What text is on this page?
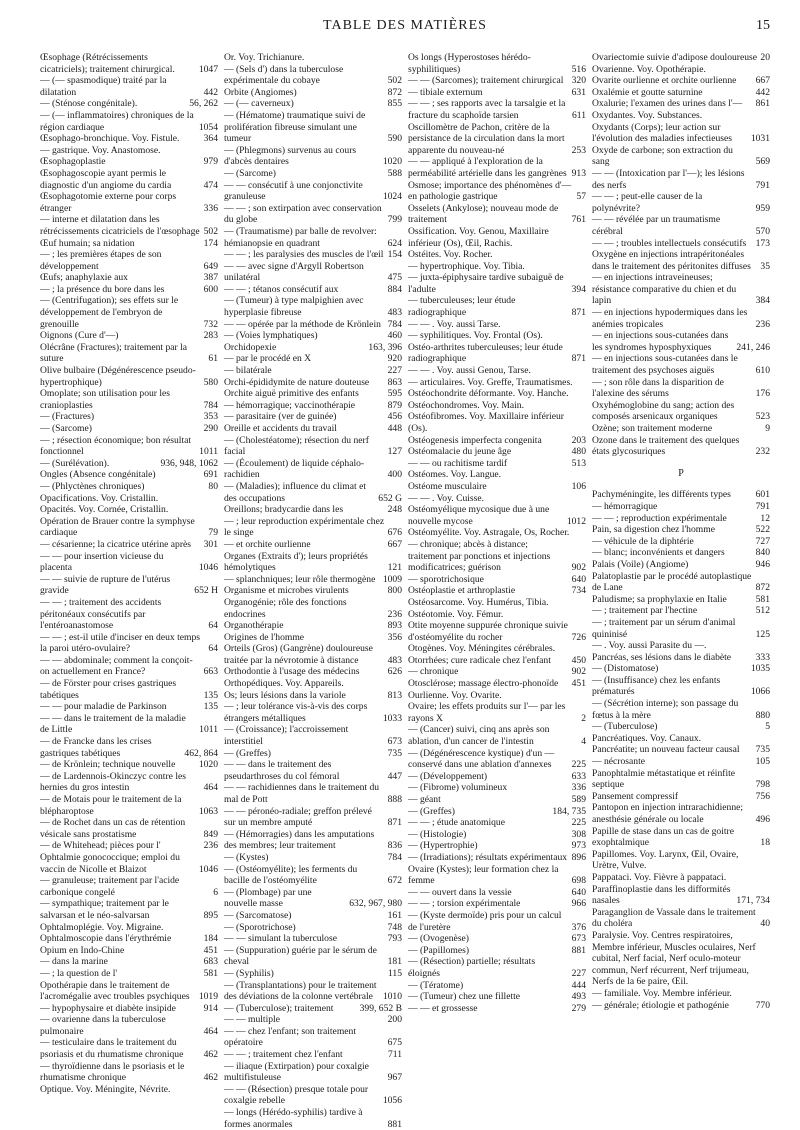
TABLE DES MATIÈRES	15
Œsophage (Rétrécissements cicatriciels); traitement chirurgical.	1047
— (— spasmodique) traité par la dilatation	442
— (Sténose congénitale).	56, 262
— (— inflammatoires) chroniques de la région cardiaque	1054
Œsophago-bronchique. Voy. Fistule.	364
— gastrique. Voy. Anastomose.
Œsophagoplastie	979
Œsophagoscopie ayant permis le diagnostic d'un angiome du cardia	474
Œsophagotomie externe pour corps étranger	336
— interne et dilatation dans les rétrécissements cicatriciels de l'œsophage 502
Œuf humain; sa nidation	174
— ; les premières étapes de son développement	649
Œufs; anaphylaxie aux	387
— ; la présence du bore dans les	600
— (Centrifugation); ses effets sur le développement de l'embryon de grenouille	732
Oignons (Cure d'—)	283
Olécrâne (Fractures); traitement par la suture	61
Olive bulbaire (Dégénérescence pseudo-hypertrophique)	580
Omoplate; son utilisation pour les cranioplasties	784
— (Fractures)	353
— (Sarcome)	290
— ; résection économique; bon résultat fonctionnel	1011
— (Surélévation).	936, 948, 1062
Ongles (Absence congénitale)	691
— (Phlyctènes chroniques)	80
Opacifications. Voy. Cristallin.
Opacités. Voy. Cornée, Cristallin.
Opération de Brauer contre la symphyse cardiaque	79
— césarienne; la cicatrice utérine après	301
— — pour insertion vicieuse du placenta	1046
— — suivie de rupture de l'utérus gravide	652 H
— — ; traitement des accidents péritonéaux consécutifs par l'entéroanastomose	64
— — ; est-il utile d'inciser en deux temps la paroi utéro-ovulaire?	64
— — abdominale; comment la conçoit-on actuellement en France?	663
— de Förster pour crises gastriques tabétiques	135
— — pour maladie de Parkinson	135
— — dans le traitement de la maladie de Little	1011
— de Francke dans les crises gastriques tabétiques	462, 864
— de Krönlein; technique nouvelle	1020
— de Lardennois-Okinczyc contre les hernies du gros intestin	464
— de Motais pour le traitement de la blépharoptose	1063
— de Rochet dans un cas de rétention vésicale sans prostatisme	849
— de Whitehead; pièces pour l'	236
Ophtalmie gonococcique; emploi du vaccin de Nicolle et Blaizot	1046
— granuleuse; traitement par l'acide carbonique congelé	6
— sympathique; traitement par le salvarsan et le néo-salvarsan	895
Ophtalmoplégie. Voy. Migraine.
Ophtalmoscopie dans l'érythrémie	184
Opium en Indo-Chine	451
— dans la marine	683
— ; la question de l'	581
Opothérapie dans le traitement de l'acromégalie avec troubles psychiques 1019
— hypophysaire et diabète insipide	914
— ovarienne dans la tuberculose pulmonaire	464
— testiculaire dans le traitement du psoriasis et du rhumatisme chronique	462
— thyroïdienne dans le psoriasis et le rhumatisme chronique	462
Optique. Voy. Méningite, Névrite.
Or. Voy. Trichianure.
— (Sels d') dans la tuberculose expérimentale du cobaye	502
Orbite (Angiomes)	872
— (— caverneux)	855
— (Hématome) traumatique suivi de prolifération fibreuse simulant une tumeur	590
— (Phlegmons) survenus au cours d'abcès dentaires	1020
— (Sarcome)	588
— — consécutif à une conjonctivite granuleuse	1024
— — ; son extirpation avec conservation du globe	799
— (Traumatisme) par balle de revolver: hémianopsie en quadrant	624
— — ; les paralysies des muscles de l'œil 154
— — avec signe d'Argyll Robertson unilatéral	475
— — ; tétanos consécutif aux	884
— (Tumeur) à type malpighien avec hyperplasie fibreuse	483
— — opérée par la méthode de Krönlein 784
— (Voies lymphatiques)	460
Orchidopexie	163, 396
— par le procédé en X	920
— bilatérale	227
Orchi-épididymite de nature douteuse	863
Orchite aiguë primitive des enfants	595
— hémorragique; vaccinothérapie	879
— parasitaire (ver de guinée)	456
Oreille et accidents du travail	448
— (Cholestéatome); résection du nerf facial	127
— (Écoulement) de liquide céphalo-rachidien	400
— (Maladies); influence du climat et des occupations	652 G
Oreillons; bradycardie dans les	248
— ; leur reproduction expérimentale chez le singe	676
— et orchite ourlienne	667
Organes (Extraits d'); leurs propriétés hémolytiques	121
— splanchniques; leur rôle thermogène 1009
Organisme et microbes virulents	800
Organogénie; rôle des fonctions endocrines	236
Organothérapie	893
Origines de l'homme	356
Orteils (Gros) (Gangrène) douloureuse traitée par la névrotomie à distance	483
Orthodontie à l'usage des médecins	626
Orthopédiques. Voy. Appareils.
Os; leurs lésions dans la variole	813
— ; leur tolérance vis-à-vis des corps étrangers métalliques	1033
— (Croissance); l'accroissement interstitiel	673
— (Greffes)	735
— — dans le traitement des pseudarthroses du col fémoral	447
— — rachidiennes dans le traitement du mal de Pott	888
— — péronéo-radiale; greffon prélevé sur un membre amputé	871
— (Hémorragies) dans les amputations des membres; leur traitement	836
— (Kystes)	784
— (Ostéomyélite); les ferments du bacille de l'ostéomyélite	672
— (Plombage) par une nouvelle masse	632, 967, 980
— (Sarcomatose)	161
— (Sporotrichose)	748
— — simulant la tuberculose	793
— (Suppuration) guérie par le sérum de cheval	181
— (Syphilis)	115
— (Transplantations) pour le traitement des déviations de la colonne vertébrale	1010
— (Tuberculose); traitement	399, 652 B
— — multiple	200
— — chez l'enfant; son traitement opératoire	675
— — ; traitement chez l'enfant	711
— iliaque (Extirpation) pour coxalgie multifistuleuse	967
— — (Résection) presque totale pour coxalgie rebelle	1056
— longs (Hérédo-syphilis) tardive à formes anormales	881
Os longs (Hyperostoses hérédo-syphilitiques)	516
— — (Sarcomes); traitement chirurgical 320
— tibiale externum	631
— — ; ses rapports avec la tarsalgie et la fracture du scaphoïde tarsien	611
Oscillomètre de Pachon, critère de la persistance de la circulation dans la mort apparente du nouveau-né	253
— — appliqué à l'exploration de la perméabilité artérielle dans les gangrènes 913
Osmose; importance des phénomènes d'— en pathologie gastrique	57
Osselets (Ankylose); nouveau mode de traitement	761
Ossification. Voy. Genou, Maxillaire inférieur (Os), Œil, Rachis.
Ostéites. Voy. Rocher.
— hypertrophique. Voy. Tibia.
— juxta-épiphysaire tardive subaiguë de l'adulte	394
— tuberculeuses; leur étude radiographique	871
— — . Voy. aussi Tarse.
— syphilitiques. Voy. Frontal (Os).
Ostéo-arthrites tuberculeuses; leur étude radiographique	871
— — . Voy. aussi Genou, Tarse.
— articulaires. Voy. Greffe, Traumatismes.
Ostéochondrite déformante. Voy. Hanche.
Ostéochondromes. Voy. Main.
Ostéofibromes. Voy. Maxillaire inférieur (Os).
Ostéogenesis imperfecta congenita	203
Ostéomalacie du jeune âge	480
— — ou rachitisme tardif	513
Ostéomes. Voy. Langue.
Ostéome musculaire	106
— — . Voy. Cuisse.
Ostéomyélique mycosique due à une nouvelle mycose	1012
Ostéomyélite. Voy. Astragale, Os, Rocher.
— chronique; abcès à distance; traitement par ponctions et injections modificatrices; guérison	902
— sporotrichosique	640
Ostéoplastie et arthroplastie	734
Ostéosarcome. Voy. Humérus, Tibia.
Ostéotomie. Voy. Fémur.
Otite moyenne suppurée chronique suivie d'ostéomyélite du rocher	726
Otogènes. Voy. Méningites cérébrales.
Otorrhées; cure radicale chez l'enfant	450
— chronique	902
Otosclérose; massage électro-phonoïde	451
Ourlienne. Voy. Ovarite.
Ovaire; les effets produits sur l'— par les rayons X	2
— (Cancer) suivi, cinq ans après son ablation, d'un cancer de l'intestin	4
— (Dégénérescence kystique) d'un — conservé dans une ablation d'annexes	225
— (Développement)	633
— (Fibrome) volumineux	336
— géant	589
— (Greffes)	184, 735
— — ; étude anatomique	225
— (Histologie)	308
— (Hypertrophie)	973
— (Irradiations); résultats expérimentaux 896
Ovaire (Kystes); leur formation chez la femme	698
— — ouvert dans la vessie	640
— — ; torsion expérimentale	966
— (Kyste dermoïde) pris pour un calcul de l'uretère	376
— (Ovogenèse)	673
— (Papillomes)	881
— (Résection) partielle; résultats éloignés	227
— (Tératome)	444
— (Tumeur) chez une fillette	493
— — et grossesse	279
Ovariectomie suivie d'adipose douloureuse 20
Ovarienne. Voy. Opothérapie.
Ovarite ourlienne et orchite ourlienne	667
Oxalémie et goutte saturnine	442
Oxalurie; l'examen des urines dans l'—	861
Oxydantes. Voy. Substances.
Oxydants (Corps); leur action sur l'évolution des maladies infectieuses	1031
Oxyde de carbone; son extraction du sang	569
— — (Intoxication par l'—); les lésions des nerfs	791
— — ; peut-elle causer de la polynévrite?	959
— — révélée par un traumatisme cérébral	570
— — ; troubles intellectuels consécutifs 173
Oxygène en injections intrapéritonéales dans le traitement des péritonites diffuses 35
— en injections intraveineuses; résistance comparative du chien et du lapin	384
— en injections hypodermiques dans les anémies tropicales	236
— en injections sous-cutanées dans les syndromes hyposphyxiques	241, 246
— en injections sous-cutanées dans le traitement des psychoses aiguës	610
— ; son rôle dans la disparition de l'alexine des sérums	176
Oxyhémoglobine du sang; action des composés arsenicaux organiques	523
Ozène; son traitement moderne	9
Ozone dans le traitement des quelques états glycosuriques	232
P
Pachyméningite, les différents types	601
— hémorragique	791
— — ; reproduction expérimentale	12
Pain, sa digestion chez l'homme	522
— véhicule de la diphtérie	727
— blanc; inconvénients et dangers	840
Palais (Voile) (Angiome)	946
Palatoplastie par le procédé autoplastique de Lane	872
Paludisme; sa prophylaxie en Italie	581
— ; traitement par l'hectine	512
— ; traitement par un sérum d'animal quininisé	125
— . Voy. aussi Parasite du —.
Pancréas, ses lésions dans le diabète	333
— (Distomatose)	1035
— (Insuffisance) chez les enfants prématurés	1066
— (Sécrétion interne); son passage du fœtus à la mère	880
— (Tuberculose)	5
Pancréatiques. Voy. Canaux.
Pancréatite; un nouveau facteur causal	735
— nécrosante	105
Panophtalmie métastatique et réinfite septique	798
Pansement compressif	756
Pantopon en injection intrarachidienne; anesthésie générale ou locale	496
Papille de stase dans un cas de goitre exophtalmique	18
Papillomes. Voy. Larynx, Œil, Ovaire, Urètre, Vulve.
Pappataci. Voy. Fièvre à pappataci.
Paraffinoplastie dans les difformités nasales	171, 734
Paraganglion de Vassale dans le traitement du choléra	40
Paralysie. Voy. Centres respiratoires, Membre inférieur, Muscles oculaires, Nerf cubital, Nerf facial, Nerf oculo-moteur commun, Nerf récurrent, Nerf trijumeau, Nerfs de la 6e paire, Œil.
— familiale. Voy. Membre inférieur.
— générale; étiologie et pathogénie	770
